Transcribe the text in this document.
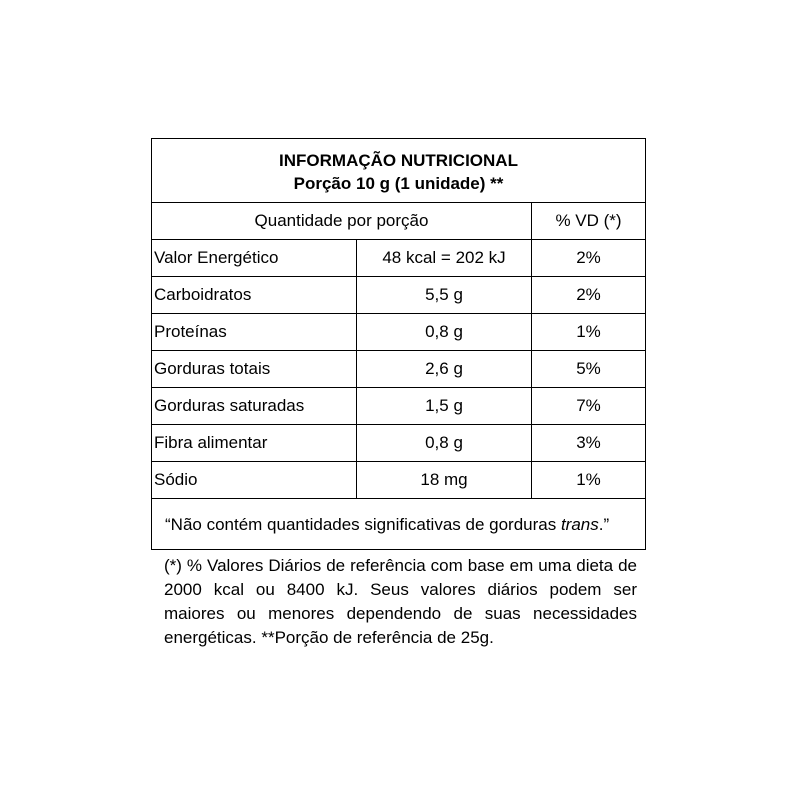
INFORMAÇÃO NUTRICIONAL
Porção 10 g (1 unidade) **		

Quantidade por porção		% VD (*)
Valor Energético	48 kcal = 202 kJ	2%
Carboidratos	5,5 g	2%
Proteínas	0,8 g	1%
Gorduras totais	2,6 g	5%
Gorduras saturadas	1,5 g	7%
Fibra alimentar	0,8 g	3%
Sódio	18 mg	1%
“Não contém quantidades significativas de gorduras trans.”		
(*) % Valores Diários de referência com base em uma dieta de 2000 kcal ou 8400 kJ. Seus valores diários podem ser maiores ou menores dependendo de suas necessidades energéticas. **Porção de referência de 25g.
